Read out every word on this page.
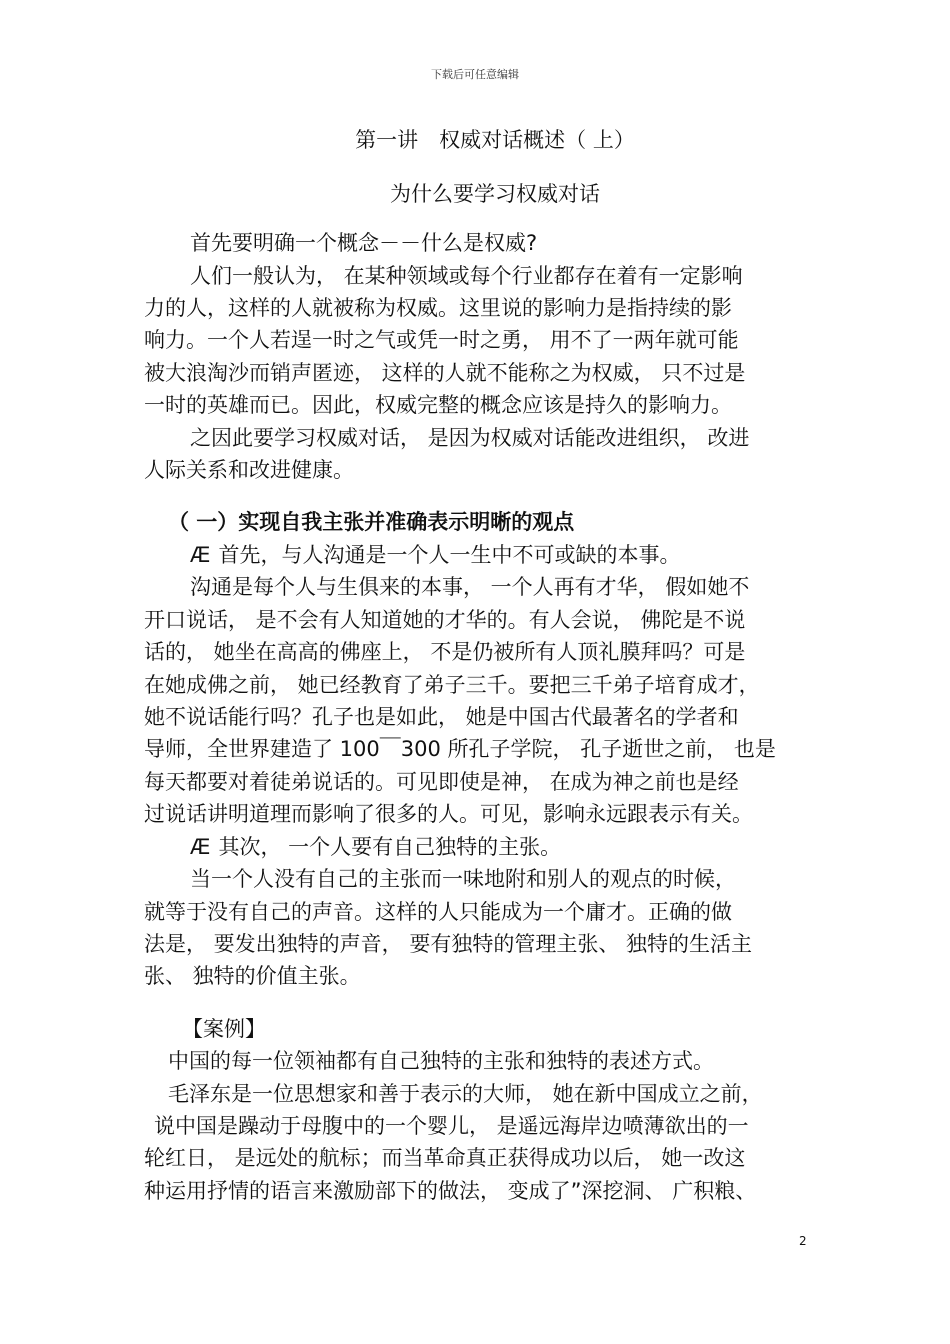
下载后可任意编辑
第一讲　权威对话概述（ 上）
为什么要学习权威对话
首先要明确一个概念－－什么是权威?
人们一般认为， 在某种领域或每个行业都存在着有一定影响
力的人，这样的人就被称为权威。这里说的影响力是指持续的影
响力。一个人若逞一时之气或凭一时之勇， 用不了一两年就可能
被大浪淘沙而销声匿迹， 这样的人就不能称之为权威， 只不过是
一时的英雄而已。因此，权威完整的概念应该是持久的影响力。
之因此要学习权威对话， 是因为权威对话能改进组织， 改进
人际关系和改进健康。
（ 一）实现自我主张并准确表示明晰的观点
Æ 首先，与人沟通是一个人一生中不可或缺的本事。
沟通是每个人与生俱来的本事， 一个人再有才华， 假如她不
开口说话， 是不会有人知道她的才华的。有人会说， 佛陀是不说
话的， 她坐在高高的佛座上， 不是仍被所有人顶礼膜拜吗？可是
在她成佛之前， 她已经教育了弟子三千。要把三千弟子培育成才，
她不说话能行吗？孔子也是如此， 她是中国古代最著名的学者和
导师，全世界建造了 100￣300 所孔子学院， 孔子逝世之前， 也是
每天都要对着徒弟说话的。可见即使是神， 在成为神之前也是经
过说话讲明道理而影响了很多的人。可见，影响永远跟表示有关。
Æ 其次， 一个人要有自己独特的主张。
当一个人没有自己的主张而一味地附和别人的观点的时候，
就等于没有自己的声音。这样的人只能成为一个庸才。正确的做
法是， 要发出独特的声音， 要有独特的管理主张、 独特的生活主
张、 独特的价值主张。
【案例】
中国的每一位领袖都有自己独特的主张和独特的表述方式。
毛泽东是一位思想家和善于表示的大师， 她在新中国成立之前，
说中国是躁动于母腹中的一个婴儿， 是遥远海岸边喷薄欲出的一
轮红日， 是远处的航标；而当革命真正获得成功以后， 她一改这
种运用抒情的语言来激励部下的做法， 变成了”深挖洞、 广积粮、
2
